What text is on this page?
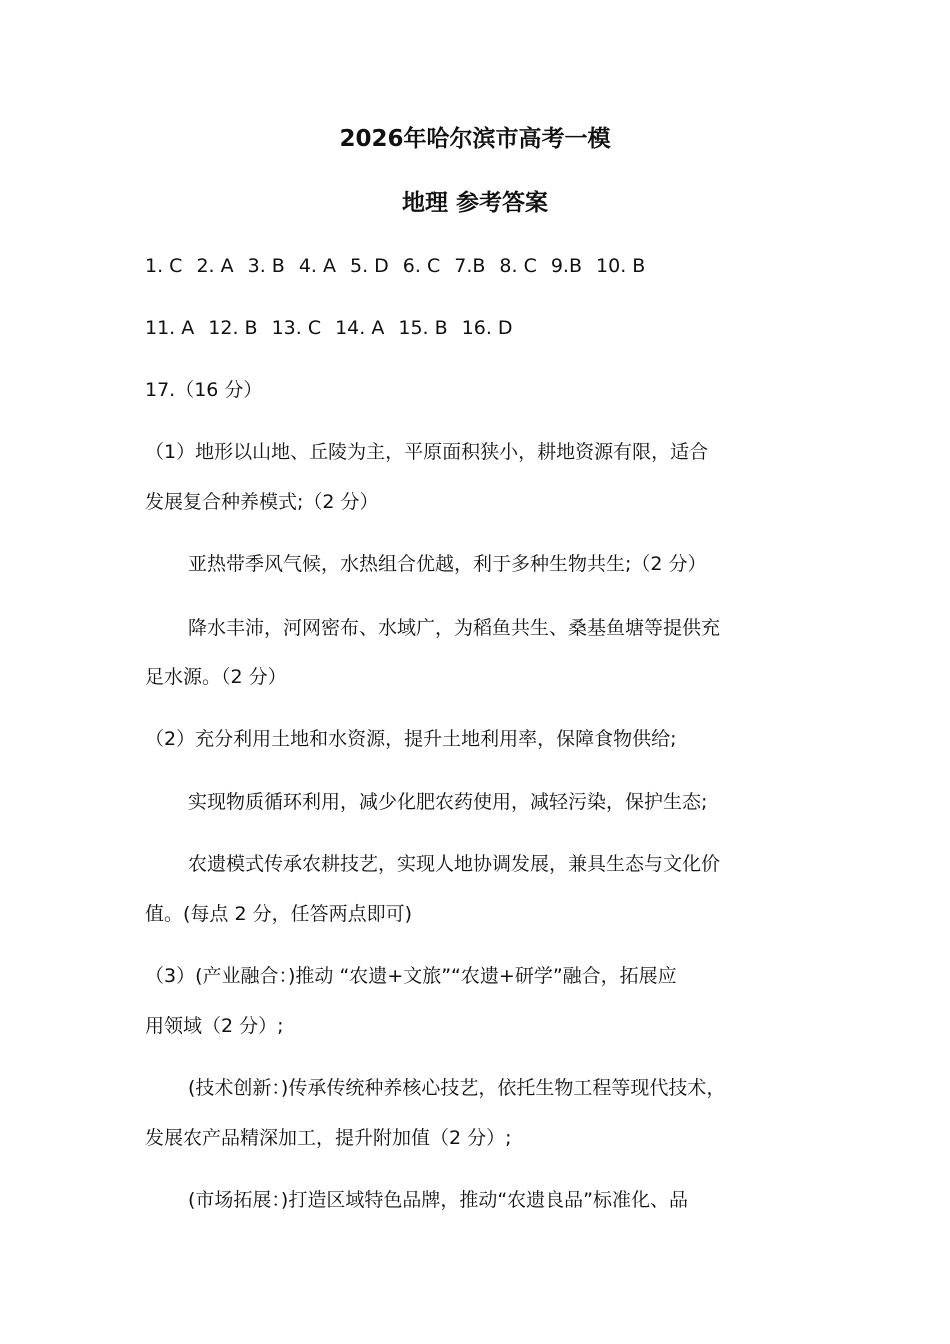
2026年哈尔滨市高考一模
地理 参考答案
1. C 2. A 3. B 4. A 5. D 6. C 7.B 8. C 9.B 10. B
11. A 12. B 13. C 14. A 15. B 16. D

17.（16 分）

（1）地形以山地、丘陵为主，平原面积狭小，耕地资源有限，适合

发展复合种养模式;（2 分）

亚热带季风气候，水热组合优越，利于多种生物共生;（2 分）

降水丰沛，河网密布、水域广，为稻鱼共生、桑基鱼塘等提供充

足水源。（2 分）

（2）充分利用土地和水资源，提升土地利用率，保障食物供给;

实现物质循环利用，减少化肥农药使用，减轻污染，保护生态;

农遗模式传承农耕技艺，实现人地协调发展，兼具生态与文化价

值。(每点 2 分，任答两点即可)

（3）(产业融合：)推动 “农遗+文旅”“农遗+研学”融合，拓展应

用领域（2 分）;

(技术创新：)传承传统种养核心技艺，依托生物工程等现代技术，

发展农产品精深加工，提升附加值（2 分）;

(市场拓展：)打造区域特色品牌，推动“农遗良品”标准化、品
